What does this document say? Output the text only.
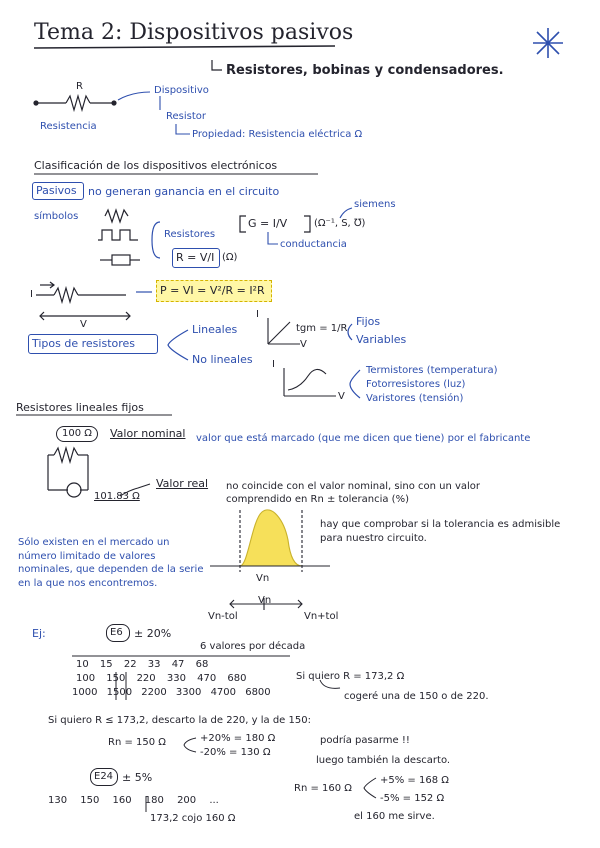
Tema 2: Dispositivos pasivos
Resistores, bobinas y condensadores.
R	Dispositivo
Resistor
Propiedad: Resistencia eléctrica Ω
Resistencia
Clasificación de los dispositivos electrónicos
Pasivos no generan ganancia en el circuito
símbolos
Resistores
G = I/V	(Ω⁻¹, S, ℧)
siemens
conductancia
R = V/I (Ω)
P = VI = V²/R = I²R
I
V
Tipos de resistores
Lineales
No lineales
I
V
tgm = 1/R
Fijos
Variables
I
V
Termistores (temperatura)
Fotorresistores (luz)
Varistores (tensión)
Resistores lineales fijos
100 Ω Valor nominal valor que está marcado (que me dicen que tiene) por el fabricante
101.83 Ω
Valor real no coincide con el valor nominal, sino con un valor comprendido en Rn ± tolerancia (%)
hay que comprobar si la tolerancia es admisible para nuestro circuito.
Sólo existen en el mercado un número limitado de valores nominales, que dependen de la serie en la que nos encontremos.	Vn
Vn
Vn-tol	Vn+tol
Ej:	E6 ± 20%
6 valores por década
10 15 22 33 47 68
100 150 220 330 470 680
1000 1500 2200 3300 4700 6800
Si quiero R = 173,2 Ω
cogeré una de 150 o de 220.
Si quiero R ≤ 173,2, descarto la de 220, y la de 150:
Rn = 150 Ω	+20% = 180 Ω
-20% = 130 Ω
podría pasarme !!
luego también la descarto.
E24 ± 5%
130 150 160 180 200 ...
173,2 cojo 160 Ω
Rn = 160 Ω
+5% = 168 Ω
-5% = 152 Ω
el 160 me sirve.
